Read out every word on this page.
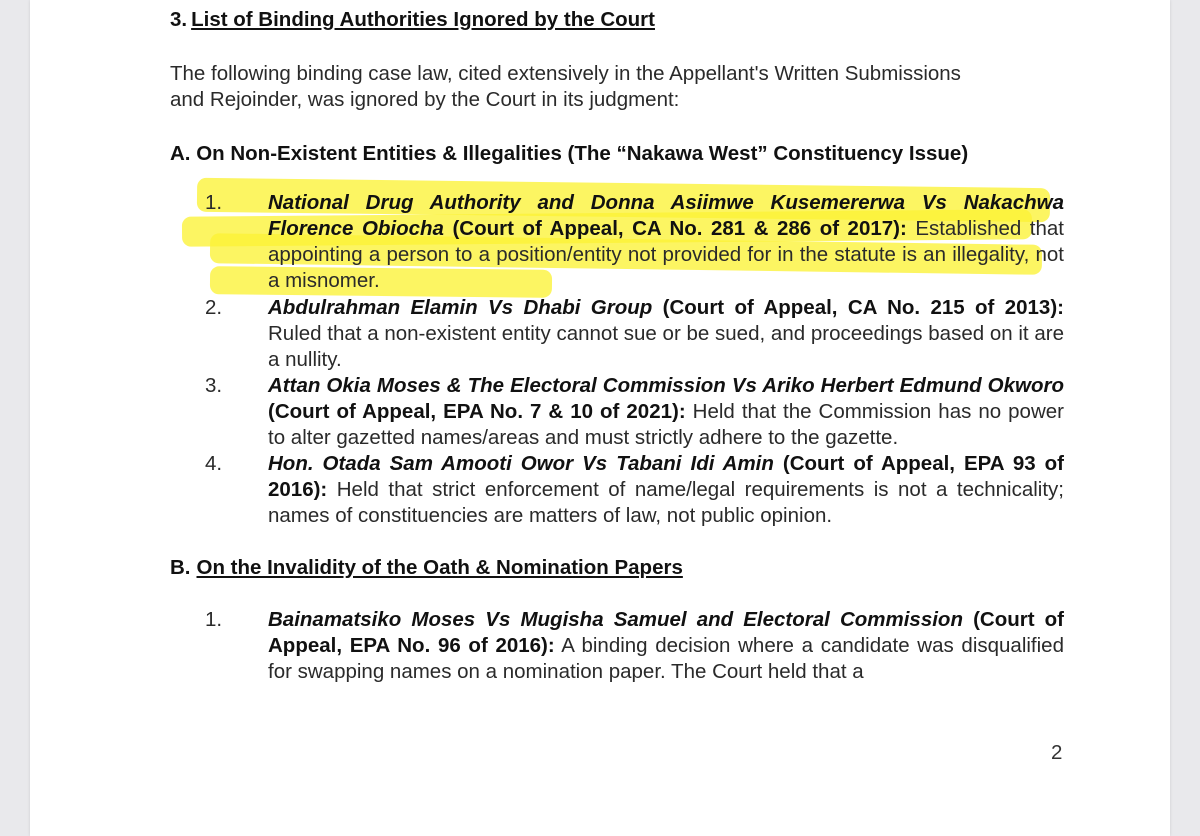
3. List of Binding Authorities Ignored by the Court

The following binding case law, cited extensively in the Appellant's Written Submissions

and Rejoinder, was ignored by the Court in its judgment:

A. On Non-Existent Entities & Illegalities (The “Nakawa West” Constituency Issue)

1. National Drug Authority and Donna Asiimwe Kusemererwa Vs Nakachwa Florence Obiocha (Court of Appeal, CA No. 281 & 286 of 2017): Established that appointing a person to a position/entity not provided for in the statute is an illegality, not a misnomer.
2. Abdulrahman Elamin Vs Dhabi Group (Court of Appeal, CA No. 215 of 2013): Ruled that a non-existent entity cannot sue or be sued, and proceedings based on it are a nullity.
3. Attan Okia Moses & The Electoral Commission Vs Ariko Herbert Edmund Okworo (Court of Appeal, EPA No. 7 & 10 of 2021): Held that the Commission has no power to alter gazetted names/areas and must strictly adhere to the gazette.
4. Hon. Otada Sam Amooti Owor Vs Tabani Idi Amin (Court of Appeal, EPA 93 of 2016): Held that strict enforcement of name/legal requirements is not a technicality; names of constituencies are matters of law, not public opinion.

B. On the Invalidity of the Oath & Nomination Papers

1. Bainamatsiko Moses Vs Mugisha Samuel and Electoral Commission (Court of Appeal, EPA No. 96 of 2016): A binding decision where a candidate was disqualified for swapping names on a nomination paper. The Court held that a
2
